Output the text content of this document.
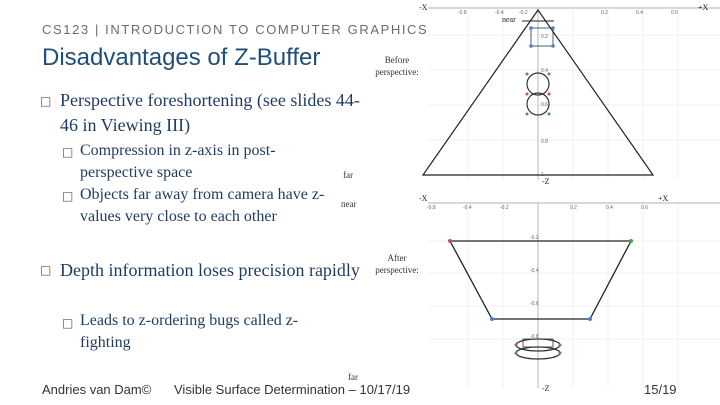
CS123 | INTRODUCTION TO COMPUTER GRAPHICS
Disadvantages of Z-Buffer
□ Perspective foreshortening (see slides 44-46 in Viewing III)
□ Compression in z-axis in post-perspective space
□ Objects far away from camera have z-values very close to each other
□ Depth information loses precision rapidly
□ Leads to z-ordering bugs called z-fighting
Before perspective:
After perspective:
-0.8	-0.4	-0.2	0.2	0.4	0.6
0.2
0.4
0.6
0.8
1
-X	+X
near
-Z
far
-0.8	-0.4	-0.2	0.2	0.4	0.6
-0.2
-0.4
-0.6
-0.8
-X	+X
-Z
near
far
Andries van Dam© Visible Surface Determination – 10/17/19	15/19
